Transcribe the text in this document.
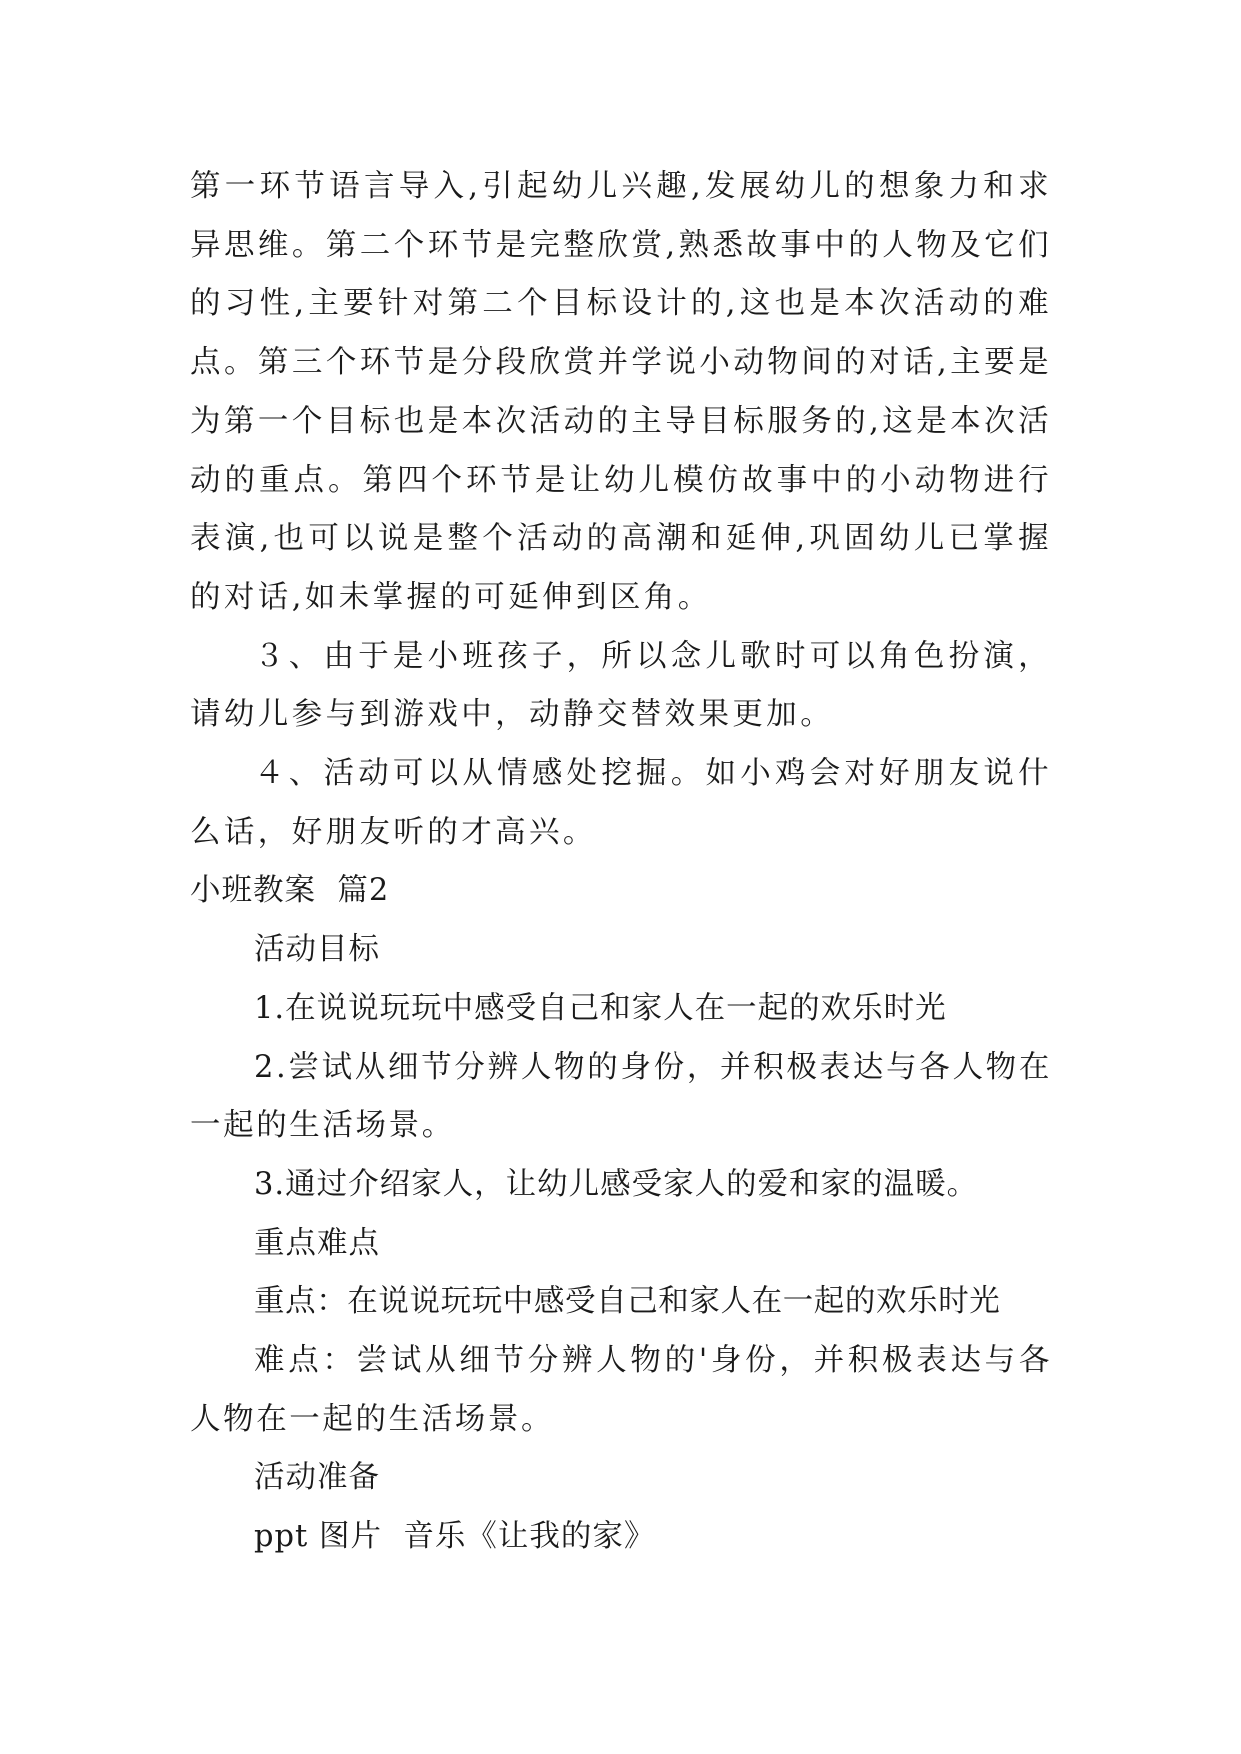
第一环节语言导入,引起幼儿兴趣,发展幼儿的想象力和求异思维。第二个环节是完整欣赏,熟悉故事中的人物及它们的习性,主要针对第二个目标设计的,这也是本次活动的难点。第三个环节是分段欣赏并学说小动物间的对话,主要是为第一个目标也是本次活动的主导目标服务的,这是本次活动的重点。第四个环节是让幼儿模仿故事中的小动物进行表演,也可以说是整个活动的高潮和延伸,巩固幼儿已掌握的对话,如未掌握的可延伸到区角。

３、由于是小班孩子，所以念儿歌时可以角色扮演，请幼儿参与到游戏中，动静交替效果更加。

４、活动可以从情感处挖掘。如小鸡会对好朋友说什么话，好朋友听的才高兴。

小班教案  篇2

活动目标

1.在说说玩玩中感受自己和家人在一起的欢乐时光

2.尝试从细节分辨人物的身份，并积极表达与各人物在一起的生活场景。

3.通过介绍家人，让幼儿感受家人的爱和家的温暖。

重点难点

重点：在说说玩玩中感受自己和家人在一起的欢乐时光

难点：尝试从细节分辨人物的'身份，并积极表达与各人物在一起的生活场景。

活动准备

ppt 图片  音乐《让我的家》
